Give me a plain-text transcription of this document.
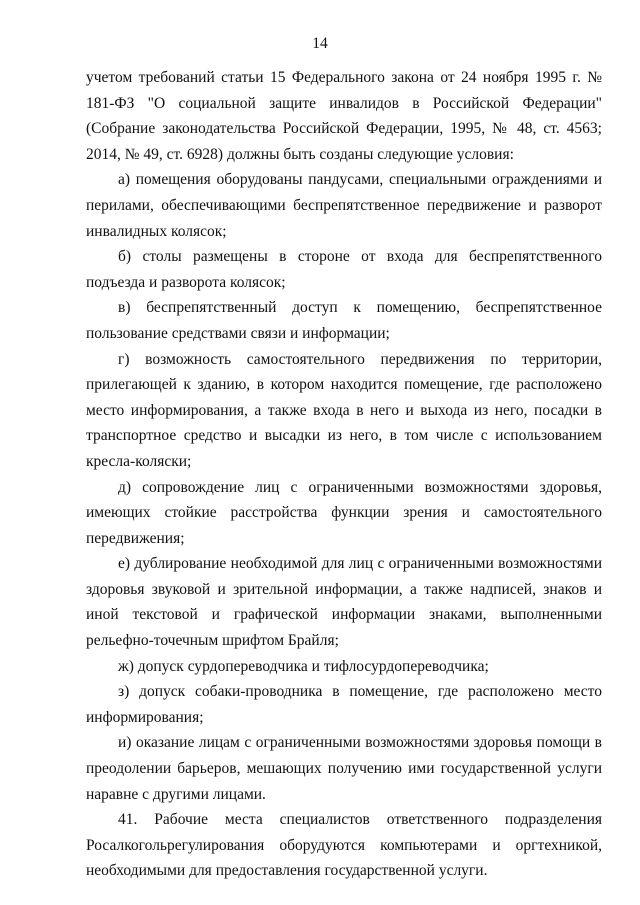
14

учетом требований статьи 15 Федерального закона от 24 ноября 1995 г. № 181-ФЗ "О социальной защите инвалидов в Российской Федерации" (Собрание законодательства Российской Федерации, 1995, № 48, ст. 4563; 2014, № 49, ст. 6928) должны быть созданы следующие условия:

а) помещения оборудованы пандусами, специальными ограждениями и перилами, обеспечивающими беспрепятственное передвижение и разворот инвалидных колясок;

б) столы размещены в стороне от входа для беспрепятственного подъезда и разворота колясок;

в) беспрепятственный доступ к помещению, беспрепятственное пользование средствами связи и информации;

г) возможность самостоятельного передвижения по территории, прилегающей к зданию, в котором находится помещение, где расположено место информирования, а также входа в него и выхода из него, посадки в транспортное средство и высадки из него, в том числе с использованием кресла-коляски;

д) сопровождение лиц с ограниченными возможностями здоровья, имеющих стойкие расстройства функции зрения и самостоятельного передвижения;

е) дублирование необходимой для лиц с ограниченными возможностями здоровья звуковой и зрительной информации, а также надписей, знаков и иной текстовой и графической информации знаками, выполненными рельефно-точечным шрифтом Брайля;

ж) допуск сурдопереводчика и тифлосурдопереводчика;

з) допуск собаки-проводника в помещение, где расположено место информирования;

и) оказание лицам с ограниченными возможностями здоровья помощи в преодолении барьеров, мешающих получению ими государственной услуги наравне с другими лицами.

41. Рабочие места специалистов ответственного подразделения Росалкогольрегулирования оборудуются компьютерами и оргтехникой, необходимыми для предоставления государственной услуги.
